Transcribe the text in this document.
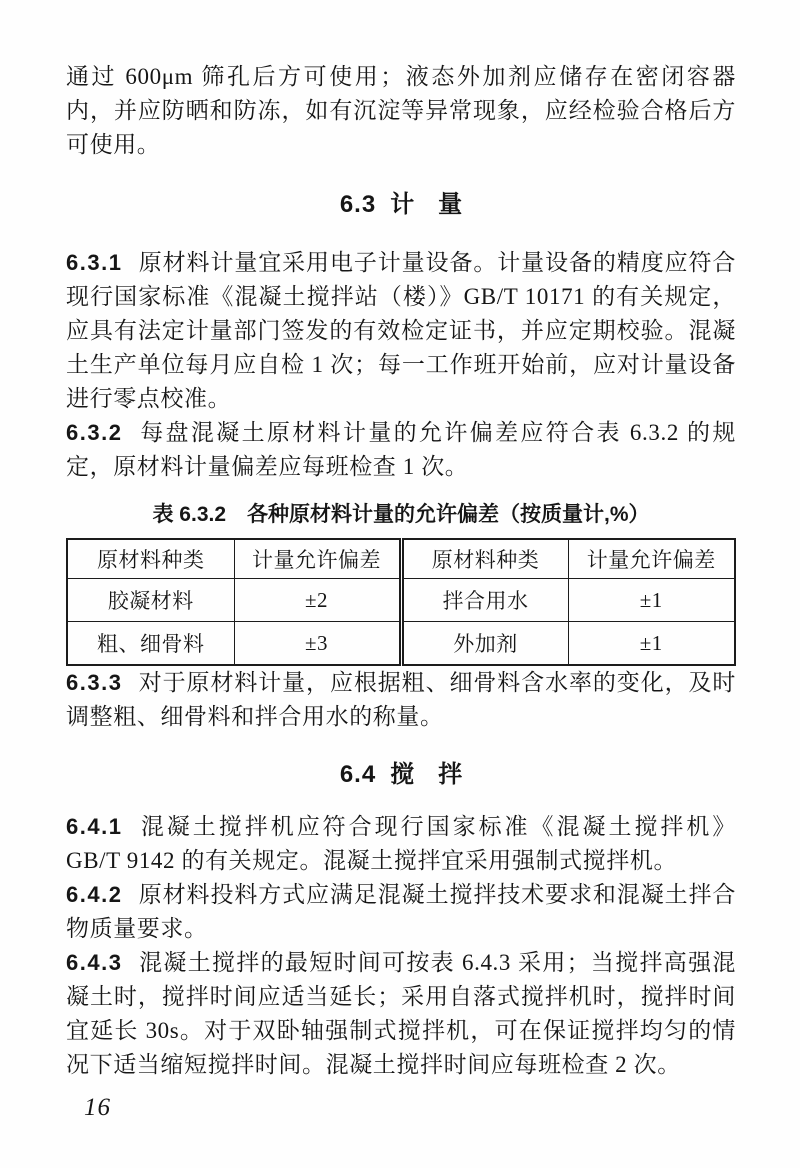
通过 600μm 筛孔后方可使用；液态外加剂应储存在密闭容器内，并应防晒和防冻，如有沉淀等异常现象，应经检验合格后方可使用。

6.3 计　量

6.3.1 原材料计量宜采用电子计量设备。计量设备的精度应符合现行国家标准《混凝土搅拌站（楼）》GB/T 10171 的有关规定，应具有法定计量部门签发的有效检定证书，并应定期校验。混凝土生产单位每月应自检 1 次；每一工作班开始前，应对计量设备进行零点校准。

6.3.2 每盘混凝土原材料计量的允许偏差应符合表 6.3.2 的规定，原材料计量偏差应每班检查 1 次。

表 6.3.2　各种原材料计量的允许偏差（按质量计,%）
原材料种类	计量允许偏差	原材料种类	计量允许偏差
胶凝材料	±2	拌合用水	±1
粗、细骨料	±3	外加剂	±1

6.3.3 对于原材料计量，应根据粗、细骨料含水率的变化，及时调整粗、细骨料和拌合用水的称量。

6.4 搅　拌

6.4.1 混凝土搅拌机应符合现行国家标准《混凝土搅拌机》GB/T 9142 的有关规定。混凝土搅拌宜采用强制式搅拌机。

6.4.2 原材料投料方式应满足混凝土搅拌技术要求和混凝土拌合物质量要求。

6.4.3 混凝土搅拌的最短时间可按表 6.4.3 采用；当搅拌高强混凝土时，搅拌时间应适当延长；采用自落式搅拌机时，搅拌时间宜延长 30s。对于双卧轴强制式搅拌机，可在保证搅拌均匀的情况下适当缩短搅拌时间。混凝土搅拌时间应每班检查 2 次。

16
